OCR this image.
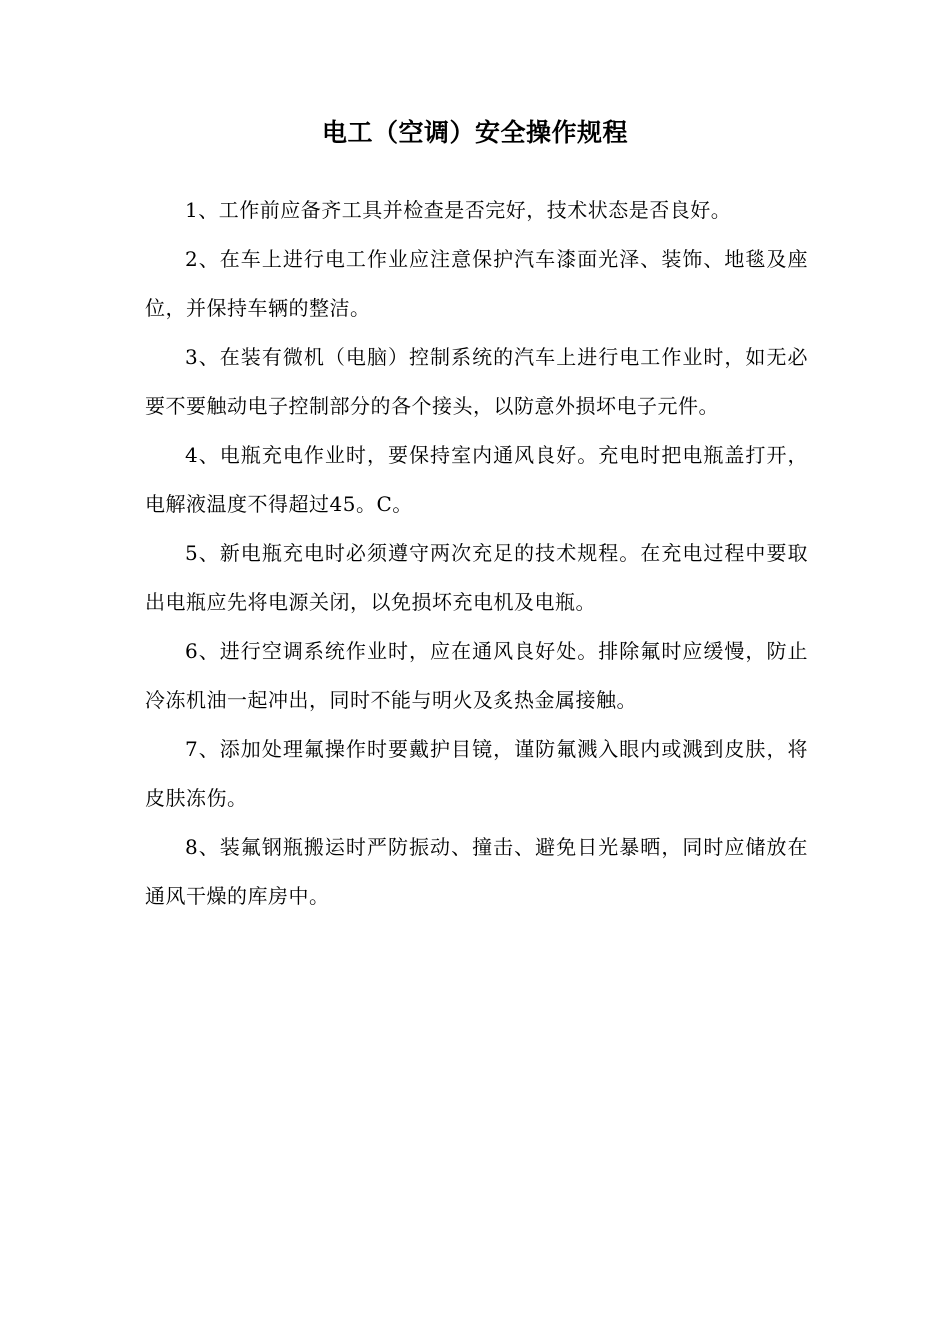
电工（空调）安全操作规程

1、工作前应备齐工具并检查是否完好，技术状态是否良好。

2、在车上进行电工作业应注意保护汽车漆面光泽、装饰、地毯及座位，并保持车辆的整洁。

3、在装有微机（电脑）控制系统的汽车上进行电工作业时，如无必要不要触动电子控制部分的各个接头，以防意外损坏电子元件。

4、电瓶充电作业时，要保持室内通风良好。充电时把电瓶盖打开，电解液温度不得超过45。C。

5、新电瓶充电时必须遵守两次充足的技术规程。在充电过程中要取出电瓶应先将电源关闭，以免损坏充电机及电瓶。

6、进行空调系统作业时，应在通风良好处。排除氟时应缓慢，防止冷冻机油一起冲出，同时不能与明火及炙热金属接触。

7、添加处理氟操作时要戴护目镜，谨防氟溅入眼内或溅到皮肤，将皮肤冻伤。

8、装氟钢瓶搬运时严防振动、撞击、避免日光暴晒，同时应储放在通风干燥的库房中。
